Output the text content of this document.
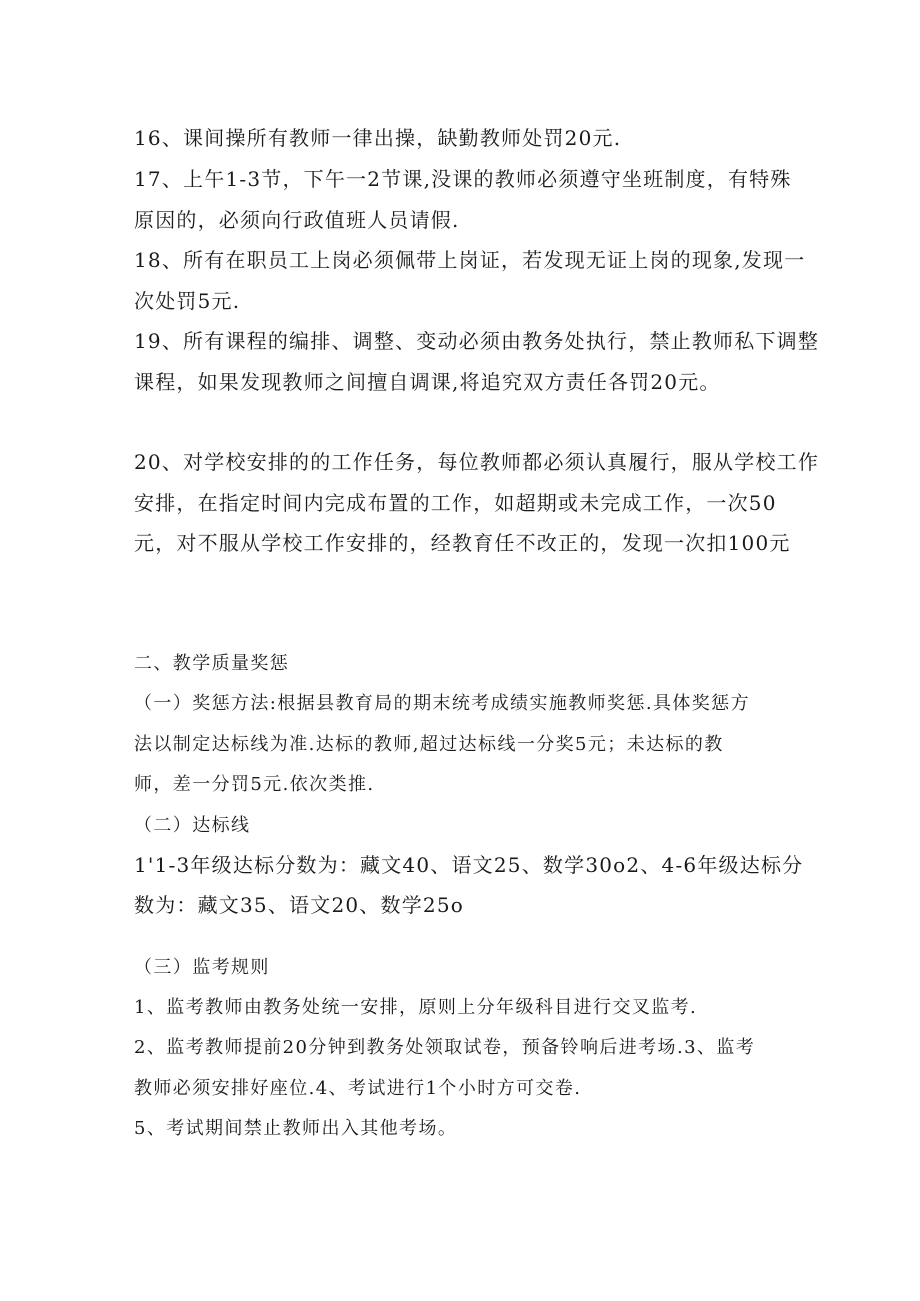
16、课间操所有教师一律出操，缺勤教师处罚20元.
17、上午1-3节，下午一2节课,没课的教师必须遵守坐班制度，有特殊
原因的，必须向行政值班人员请假.
18、所有在职员工上岗必须佩带上岗证，若发现无证上岗的现象,发现一
次处罚5元.
19、所有课程的编排、调整、变动必须由教务处执行，禁止教师私下调整
课程，如果发现教师之间擅自调课,将追究双方责任各罚20元。
20、对学校安排的的工作任务，每位教师都必须认真履行，服从学校工作
安排，在指定时间内完成布置的工作，如超期或未完成工作，一次50
元，对不服从学校工作安排的，经教育任不改正的，发现一次扣100元
二、教学质量奖惩
（一）奖惩方法:根据县教育局的期末统考成绩实施教师奖惩.具体奖惩方
法以制定达标线为准.达标的教师,超过达标线一分奖5元；未达标的教
师，差一分罚5元.依次类推.
（二）达标线
1'1-3年级达标分数为：藏文40、语文25、数学30o2、4-6年级达标分
数为：藏文35、语文20、数学25o
（三）监考规则
1、监考教师由教务处统一安排，原则上分年级科目进行交叉监考.
2、监考教师提前20分钟到教务处领取试卷，预备铃响后进考场.3、监考
教师必须安排好座位.4、考试进行1个小时方可交卷.
5、考试期间禁止教师出入其他考场。
